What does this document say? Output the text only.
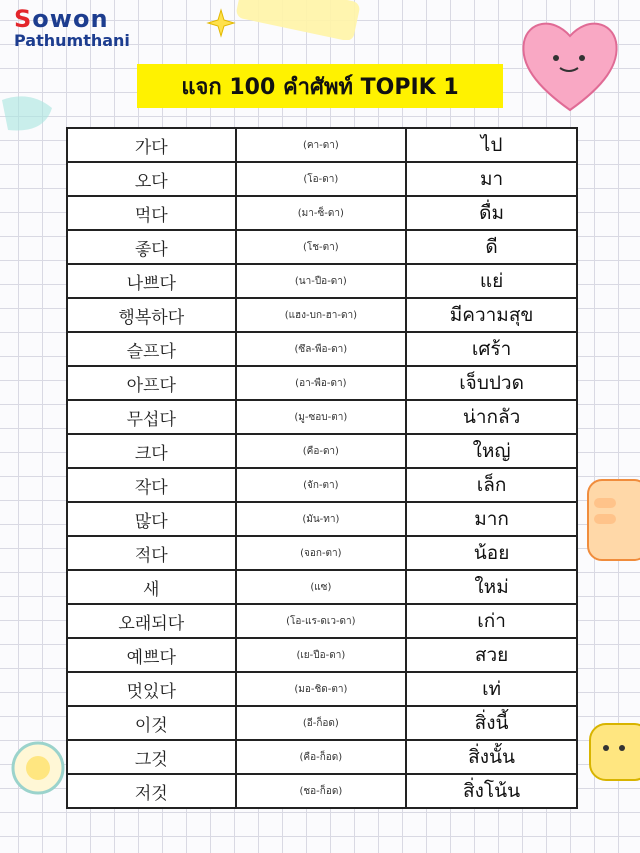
Sowon
Pathumthani
แจก 100 คำศัพท์ TOPIK 1
가다	(คา-ดา)	ไป
오다	(โอ-ดา)	มา
먹다	(มา-ซ็-ดา)	ดื่ม
좋다	(โช-ตา)	ดี
나쁘다	(นา-ปือ-ดา)	แย่
행복하다	(แฮง-บก-ฮา-ดา)	มีความสุข
슬프다	(ซึล-พือ-ดา)	เศร้า
아프다	(อา-พือ-ดา)	เจ็บปวด
무섭다	(มู-ซอบ-ตา)	น่ากลัว
크다	(คือ-ดา)	ใหญ่
작다	(จัก-ตา)	เล็ก
많다	(มัน-ทา)	มาก
적다	(จอก-ตา)	น้อย
새	(แซ)	ใหม่
오래되다	(โอ-แร-ดเว-ดา)	เก่า
예쁘다	(เย-ปือ-ดา)	สวย
멋있다	(มอ-ชิด-ตา)	เท่
이것	(อี-ก็อด)	สิ่งนี้
그것	(คือ-ก็อด)	สิ่งนั้น
저것	(ชอ-ก็อด)	สิ่งโน้น
